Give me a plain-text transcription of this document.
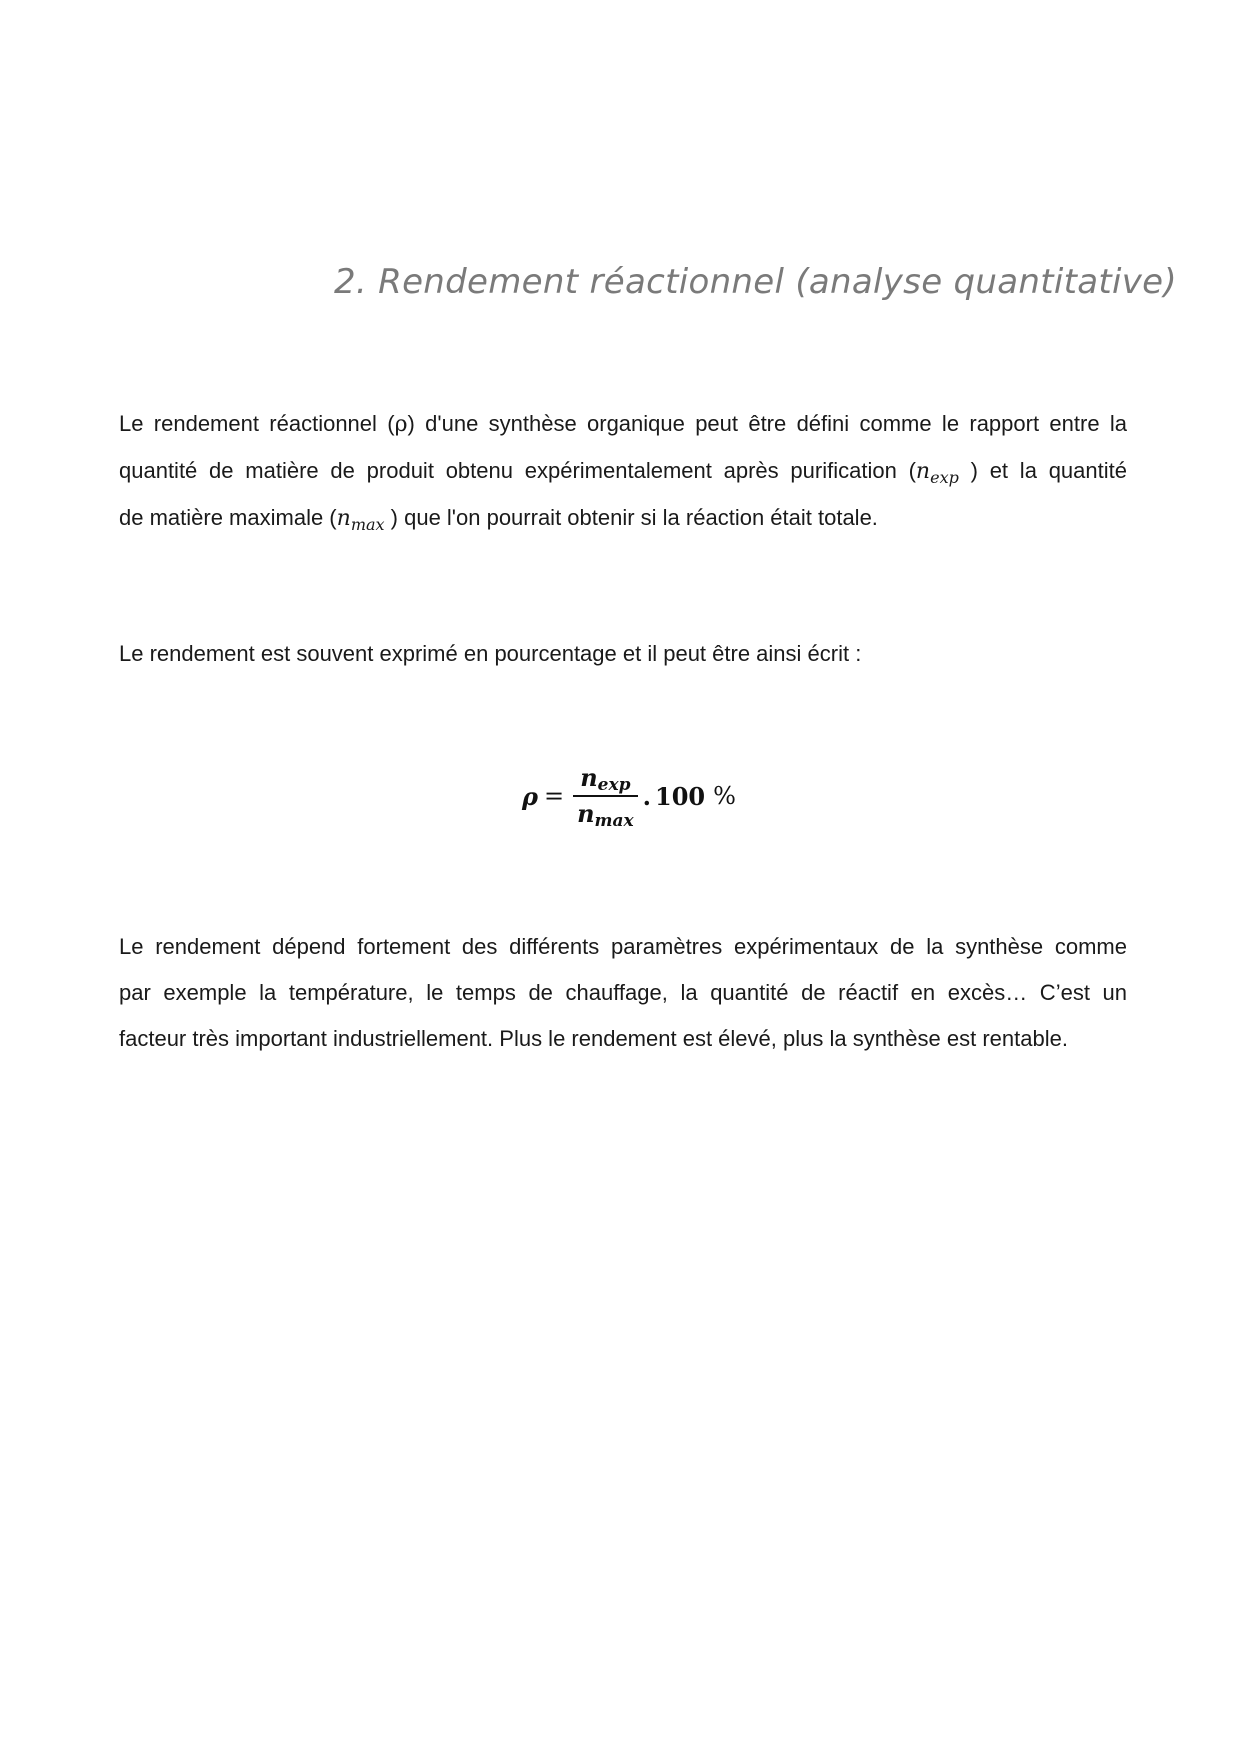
2. Rendement réactionnel (analyse quantitative)

Le rendement réactionnel (ρ) d'une synthèse organique peut être défini comme le rapport entre la
quantité de matière de produit obtenu expérimentalement après purification ($n_{exp}$ ) et la quantité
de matière maximale ($n_{max}$ ) que l'on pourrait obtenir si la réaction était totale.

Le rendement est souvent exprimé en pourcentage et il peut être ainsi écrit :

$\rho = \frac{n_{exp}}{n_{max}}$ . 100 %

Le rendement dépend fortement des différents paramètres expérimentaux de la synthèse comme
par exemple la température, le temps de chauffage, la quantité de réactif en excès… C’est un
facteur très important industriellement. Plus le rendement est élevé, plus la synthèse est rentable.
